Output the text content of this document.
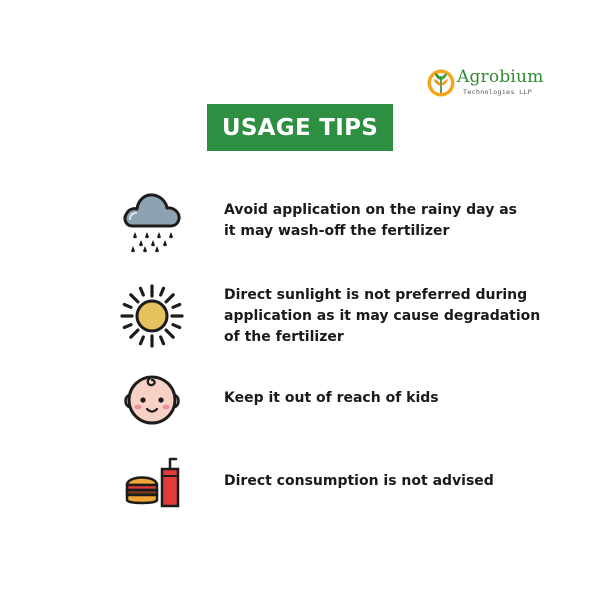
Agrobium
Technologies LLP
USAGE TIPS
Avoid application on the rainy day as
it may wash-off the fertilizer
Direct sunlight is not preferred during
application as it may cause degradation
of the fertilizer
Keep it out of reach of kids
Direct consumption is not advised
